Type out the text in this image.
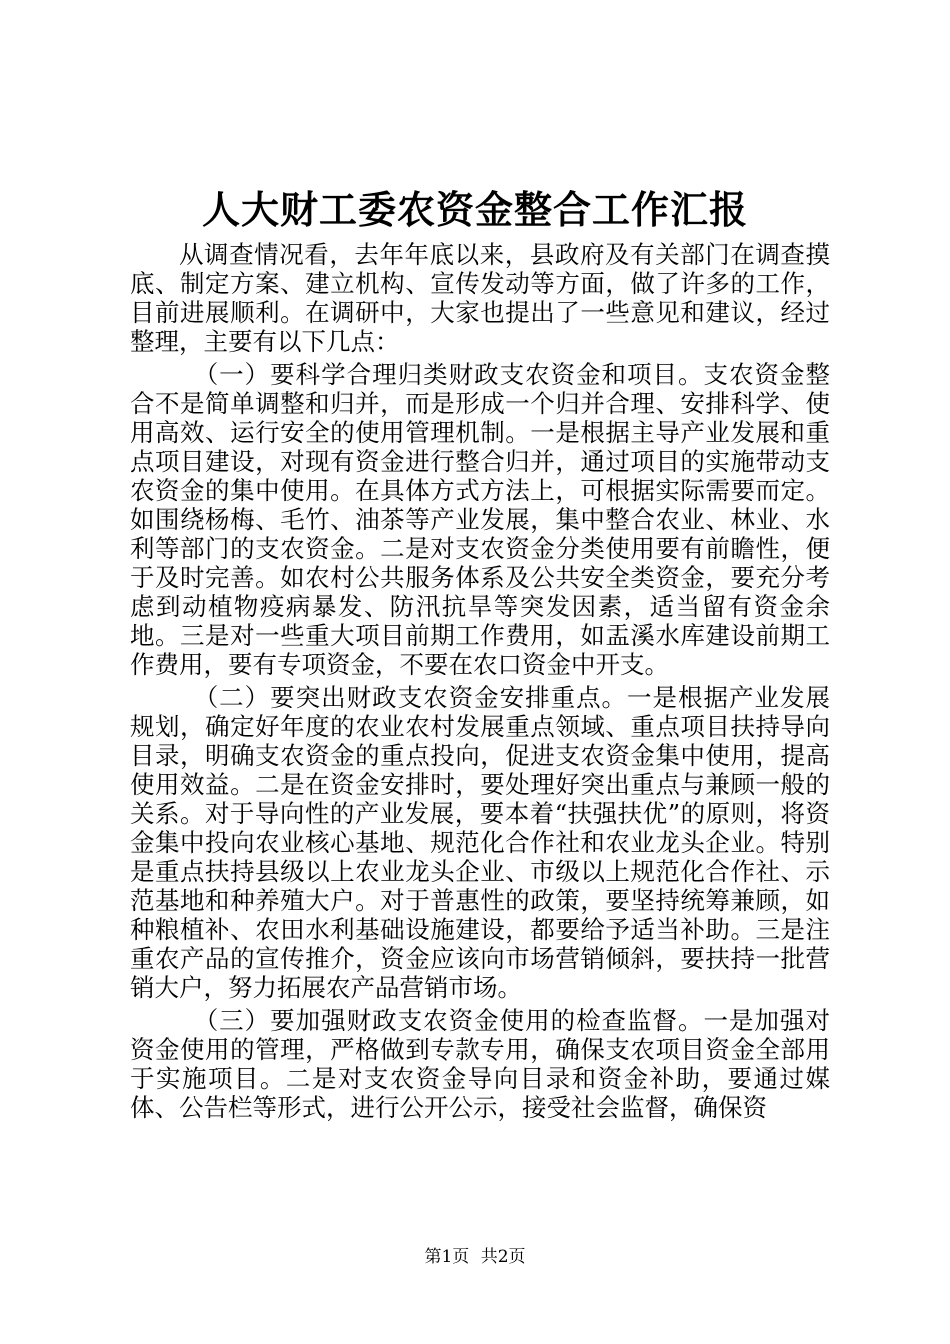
人大财工委农资金整合工作汇报

从调查情况看，去年年底以来，县政府及有关部门在调查摸底、制定方案、建立机构、宣传发动等方面，做了许多的工作，目前进展顺利。在调研中，大家也提出了一些意见和建议，经过整理，主要有以下几点：

（一）要科学合理归类财政支农资金和项目。支农资金整合不是简单调整和归并，而是形成一个归并合理、安排科学、使用高效、运行安全的使用管理机制。一是根据主导产业发展和重点项目建设，对现有资金进行整合归并，通过项目的实施带动支农资金的集中使用。在具体方式方法上，可根据实际需要而定。如围绕杨梅、毛竹、油茶等产业发展，集中整合农业、林业、水利等部门的支农资金。二是对支农资金分类使用要有前瞻性，便于及时完善。如农村公共服务体系及公共安全类资金，要充分考虑到动植物疫病暴发、防汛抗旱等突发因素，适当留有资金余地。三是对一些重大项目前期工作费用，如盂溪水库建设前期工作费用，要有专项资金，不要在农口资金中开支。

（二）要突出财政支农资金安排重点。一是根据产业发展规划，确定好年度的农业农村发展重点领域、重点项目扶持导向目录，明确支农资金的重点投向，促进支农资金集中使用，提高使用效益。二是在资金安排时，要处理好突出重点与兼顾一般的关系。对于导向性的产业发展，要本着“扶强扶优”的原则，将资金集中投向农业核心基地、规范化合作社和农业龙头企业。特别是重点扶持县级以上农业龙头企业、市级以上规范化合作社、示范基地和种养殖大户。对于普惠性的政策，要坚持统筹兼顾，如种粮植补、农田水利基础设施建设，都要给予适当补助。三是注重农产品的宣传推介，资金应该向市场营销倾斜，要扶持一批营销大户，努力拓展农产品营销市场。

（三）要加强财政支农资金使用的检查监督。一是加强对资金使用的管理，严格做到专款专用，确保支农项目资金全部用于实施项目。二是对支农资金导向目录和资金补助，要通过媒体、公告栏等形式，进行公开公示，接受社会监督，确保资

第1页 共2页
